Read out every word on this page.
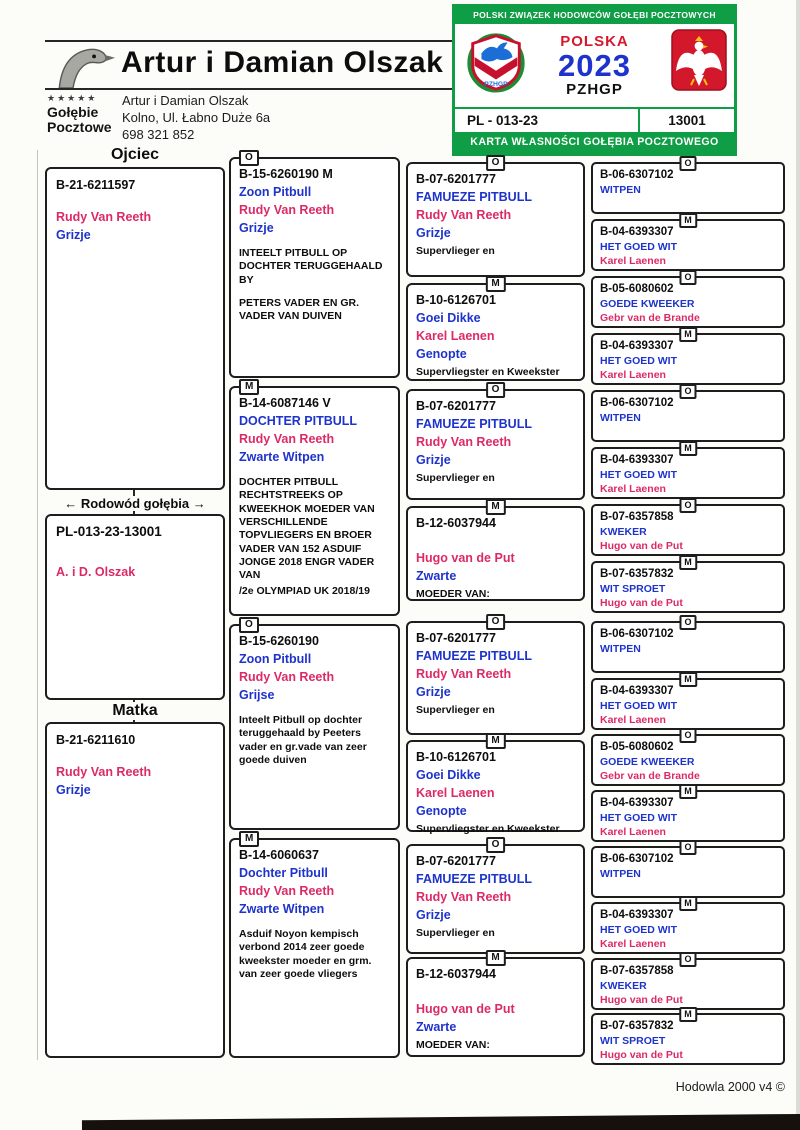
Artur i Damian Olszak
★★★★★
Gołębie
Pocztowe
Artur i Damian Olszak
Kolno, Ul. Łabno Duże 6a
698 321 852
POLSKI ZWIĄZEK HODOWCÓW GOŁĘBI POCZTOWYCH
PZHGP
POLSKA
2023
PZHGP
PL - 013-23	13001
KARTA WŁASNOŚCI GOŁĘBIA POCZTOWEGO
Ojciec
B-21-6211597
Rudy Van Reeth
Grizje
← Rodowód gołębia →
PL-013-23-13001
A. i D. Olszak
Matka
B-21-6211610
Rudy Van Reeth
Grizje
O
B-15-6260190 M
Zoon Pitbull
Rudy Van Reeth
Grizje
INTEELT PITBULL OP DOCHTER TERUGGEHAALD BY
PETERS VADER EN GR. VADER VAN DUIVEN
M
B-14-6087146 V
DOCHTER PITBULL
Rudy Van Reeth
Zwarte Witpen
DOCHTER PITBULL RECHTSTREEKS OP KWEEKHOK MOEDER VAN VERSCHILLENDE TOPVLIEGERS EN BROER VADER VAN 152 ASDUIF JONGE 2018 ENGR VADER VAN
/2e OLYMPIAD UK 2018/19
O
B-15-6260190
Zoon Pitbull
Rudy Van Reeth
Grijse
Inteelt Pitbull op dochter teruggehaald by Peeters vader en gr.vade van zeer goede duiven
M
B-14-6060637
Dochter Pitbull
Rudy Van Reeth
Zwarte Witpen
Asduif Noyon kempisch verbond 2014 zeer goede kweekster moeder en grm. van zeer goede vliegers
O
B-07-6201777
FAMUEZE PITBULL
Rudy Van Reeth
Grizje
Supervlieger en
M
B-10-6126701
Goei Dikke
Karel Laenen
Genopte
Supervliegster en Kweekster
O
B-07-6201777
FAMUEZE PITBULL
Rudy Van Reeth
Grizje
Supervlieger en
M
B-12-6037944
Hugo van de Put
Zwarte
MOEDER VAN:
O
B-07-6201777
FAMUEZE PITBULL
Rudy Van Reeth
Grizje
Supervlieger en
M
B-10-6126701
Goei Dikke
Karel Laenen
Genopte
Supervliegster en Kweekster
O
B-07-6201777
FAMUEZE PITBULL
Rudy Van Reeth
Grizje
Supervlieger en
M
B-12-6037944
Hugo van de Put
Zwarte
MOEDER VAN:
O
B-06-6307102
WITPEN
M
B-04-6393307
HET GOED WIT
Karel Laenen
O
B-05-6080602
GOEDE KWEEKER
Gebr van de Brande
M
B-04-6393307
HET GOED WIT
Karel Laenen
O
B-06-6307102
WITPEN
M
B-04-6393307
HET GOED WIT
Karel Laenen
O
B-07-6357858
KWEKER
Hugo van de Put
M
B-07-6357832
WIT SPROET
Hugo van de Put
O
B-06-6307102
WITPEN
M
B-04-6393307
HET GOED WIT
Karel Laenen
O
B-05-6080602
GOEDE KWEEKER
Gebr van de Brande
M
B-04-6393307
HET GOED WIT
Karel Laenen
O
B-06-6307102
WITPEN
M
B-04-6393307
HET GOED WIT
Karel Laenen
O
B-07-6357858
KWEKER
Hugo van de Put
M
B-07-6357832
WIT SPROET
Hugo van de Put
Hodowla 2000 v4 ©
